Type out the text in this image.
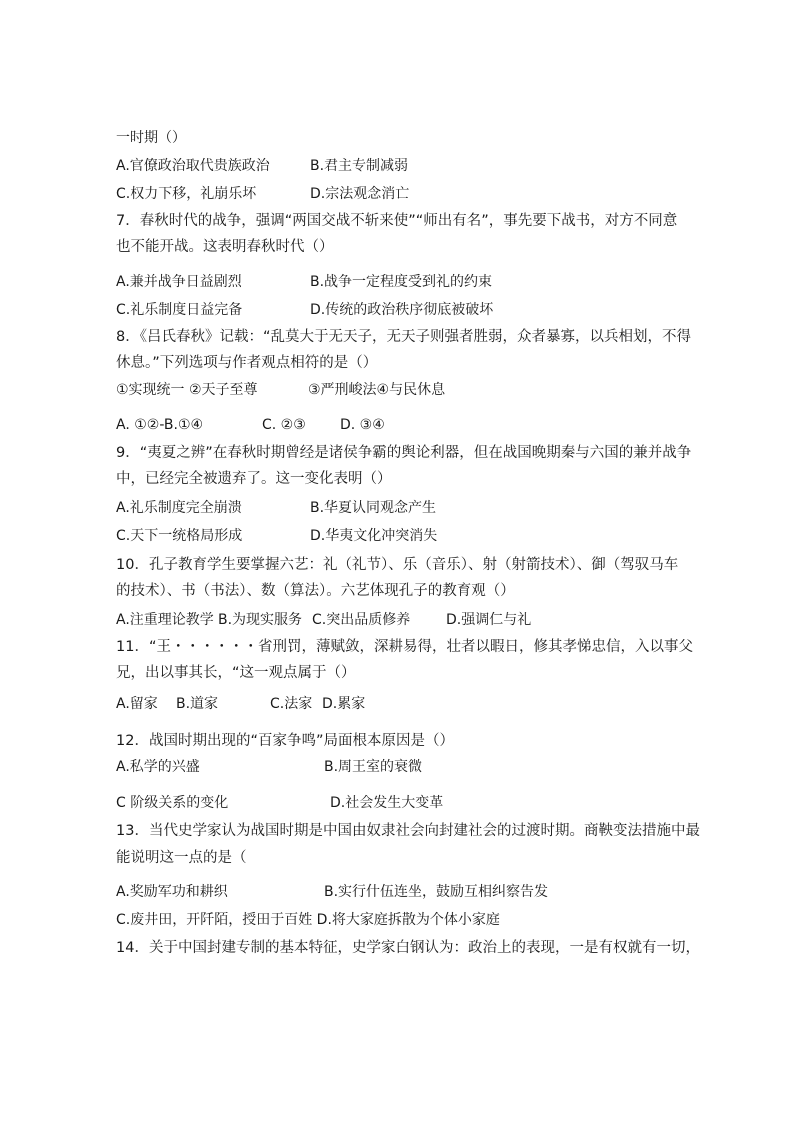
一时期（）
A.官僚政治取代贵族政治	B.君主专制减弱
C.权力下移，礼崩乐坏	D.宗法观念消亡
7．春秋时代的战争，强调“两国交战不斩来使”“师出有名”，事先要下战书，对方不同意
也不能开战。这表明春秋时代（）
A.兼并战争日益剧烈	B.战争一定程度受到礼的约束
C.礼乐制度日益完备	D.传统的政治秩序彻底被破坏
8．《吕氏春秋》记载：“乱莫大于无天子，无天子则强者胜弱，众者暴寡，以兵相划，不得
休息。”下列选项与作者观点相符的是（）
①实现统一 ②天子至尊	③严刑峻法④与民休息
A. ①②-B.①④	C. ②③ D. ③④
9．“夷夏之辨”在春秋时期曾经是诸侯争霸的舆论利器，但在战国晚期秦与六国的兼并战争
中，已经完全被遗弃了。这一变化表明（）
A.礼乐制度完全崩溃	B.华夏认同观念产生
C.天下一统格局形成	D.华夷文化冲突消失
10．孔子教育学生要掌握六艺：礼（礼节）、乐（音乐）、射（射箭技术）、御（驾驭马车
的技术）、书（书法）、数（算法）。六艺体现孔子的教育观（）
A.注重理论教学 B.为现实服务 C.突出品质修养	D.强调仁与礼
11．“王・・・・・・省刑罚，薄赋敛，深耕易得，壮者以暇日，修其孝悌忠信，入以事父
兄，出以事其长，“这一观点属于（）
A.留家 B.道家	C.法家 D.累家
12．战国时期出现的“百家争鸣”局面根本原因是（）
A.私学的兴盛	B.周王室的衰微
C 阶级关系的变化	D.社会发生大变革
13．当代史学家认为战国时期是中国由奴隶社会向封建社会的过渡时期。商鞅变法措施中最
能说明这一点的是（
A.奖励军功和耕织	B.实行什伍连坐，鼓励互相纠察告发
C.废井田，开阡陌，授田于百姓 D.将大家庭拆散为个体小家庭
14．关于中国封建专制的基本特征，史学家白钢认为：政治上的表现，一是有权就有一切，
